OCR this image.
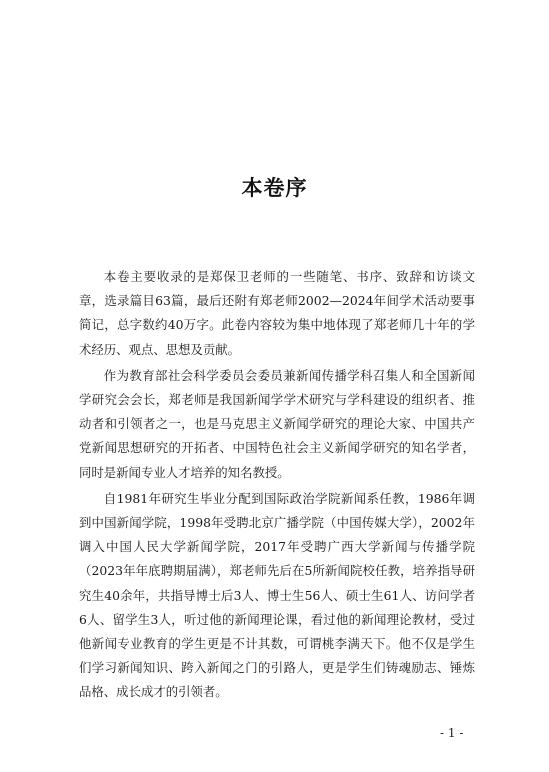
本卷序

本卷主要收录的是郑保卫老师的一些随笔、书序、致辞和访谈文章，选录篇目63篇，最后还附有郑老师2002—2024年间学术活动要事简记，总字数约40万字。此卷内容较为集中地体现了郑老师几十年的学术经历、观点、思想及贡献。

作为教育部社会科学委员会委员兼新闻传播学科召集人和全国新闻学研究会会长，郑老师是我国新闻学学术研究与学科建设的组织者、推动者和引领者之一，也是马克思主义新闻学研究的理论大家、中国共产党新闻思想研究的开拓者、中国特色社会主义新闻学研究的知名学者，同时是新闻专业人才培养的知名教授。

自1981年研究生毕业分配到国际政治学院新闻系任教，1986年调到中国新闻学院，1998年受聘北京广播学院（中国传媒大学），2002年调入中国人民大学新闻学院，2017年受聘广西大学新闻与传播学院（2023年年底聘期届满），郑老师先后在5所新闻院校任教，培养指导研究生40余年，共指导博士后3人、博士生56人、硕士生61人、访问学者6人、留学生3人，听过他的新闻理论课，看过他的新闻理论教材，受过他新闻专业教育的学生更是不计其数，可谓桃李满天下。他不仅是学生们学习新闻知识、跨入新闻之门的引路人，更是学生们铸魂励志、锤炼品格、成长成才的引领者。

- 1 -
